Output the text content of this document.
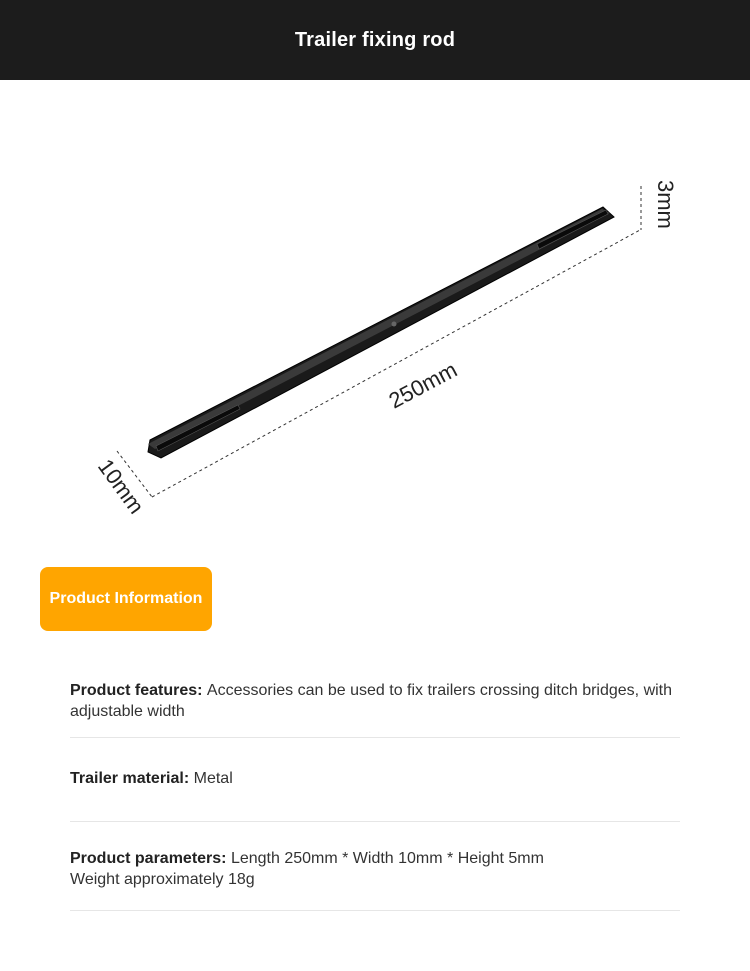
Trailer fixing rod
250mm
3mm
10mm
Product Information
Product features: Accessories can be used to fix trailers crossing ditch bridges, with adjustable width
Trailer material: Metal
Product parameters: Length 250mm * Width 10mm * Height 5mm
Weight approximately 18g
